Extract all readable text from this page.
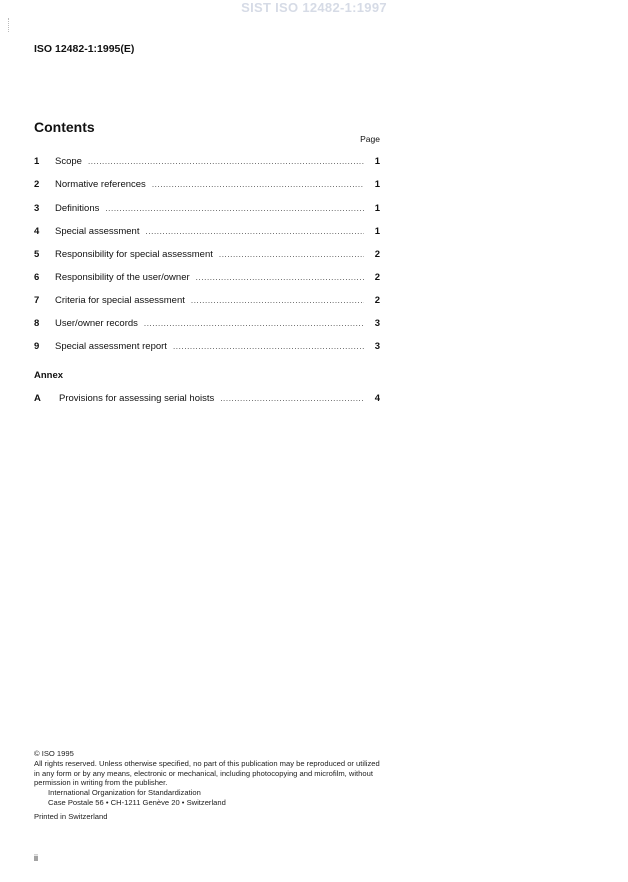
SIST ISO 12482-1:1997
ISO 12482-1:1995(E)
Contents
Page
1	Scope .....	1
2	Normative references .....	1
3	Definitions .....	1
4	Special assessment .....	1
5	Responsibility for special assessment .....	2
6	Responsibility of the user/owner .....	2
7	Criteria for special assessment .....	2
8	User/owner records .....	3
9	Special assessment report .....	3
Annex
A	Provisions for assessing serial hoists .....	4

© ISO 1995

All rights reserved. Unless otherwise specified, no part of this publication may be reproduced or utilized in any form or by any means, electronic or mechanical, including photocopying and microfilm, without permission in writing from the publisher.

International Organization for Standardization

Case Postale 56 • CH-1211 Genève 20 • Switzerland

Printed in Switzerland

ii
